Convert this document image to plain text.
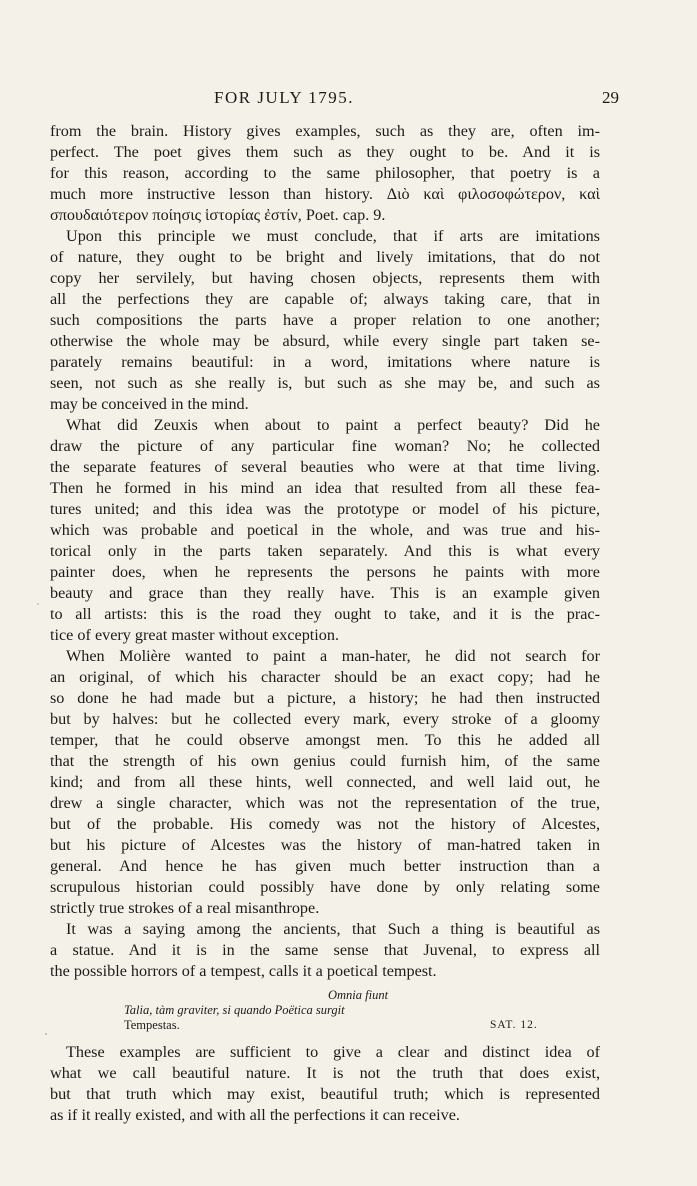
FOR JULY 1795.	29
from the brain. History gives examples, such as they are, often im-
perfect. The poet gives them such as they ought to be. And it is
for this reason, according to the same philosopher, that poetry is a
much more instructive lesson than history. Διὸ καὶ φιλοσοφώτερον, καὶ
σπουδαιότερον ποίησις ἱστορίας ἐστίν, Poet. cap. 9.
Upon this principle we must conclude, that if arts are imitations
of nature, they ought to be bright and lively imitations, that do not
copy her servilely, but having chosen objects, represents them with
all the perfections they are capable of; always taking care, that in
such compositions the parts have a proper relation to one another;
otherwise the whole may be absurd, while every single part taken se-
parately remains beautiful: in a word, imitations where nature is
seen, not such as she really is, but such as she may be, and such as
may be conceived in the mind.
What did Zeuxis when about to paint a perfect beauty? Did he
draw the picture of any particular fine woman? No; he collected
the separate features of several beauties who were at that time living.
Then he formed in his mind an idea that resulted from all these fea-
tures united; and this idea was the prototype or model of his picture,
which was probable and poetical in the whole, and was true and his-
torical only in the parts taken separately. And this is what every
painter does, when he represents the persons he paints with more
beauty and grace than they really have. This is an example given
to all artists: this is the road they ought to take, and it is the prac-
tice of every great master without exception.
When Molière wanted to paint a man-hater, he did not search for
an original, of which his character should be an exact copy; had he
so done he had made but a picture, a history; he had then instructed
but by halves: but he collected every mark, every stroke of a gloomy
temper, that he could observe amongst men. To this he added all
that the strength of his own genius could furnish him, of the same
kind; and from all these hints, well connected, and well laid out, he
drew a single character, which was not the representation of the true,
but of the probable. His comedy was not the history of Alcestes,
but his picture of Alcestes was the history of man-hatred taken in
general. And hence he has given much better instruction than a
scrupulous historian could possibly have done by only relating some
strictly true strokes of a real misanthrope.
It was a saying among the ancients, that Such a thing is beautiful as
a statue. And it is in the same sense that Juvenal, to express all
the possible horrors of a tempest, calls it a poetical tempest.
Omnia fiunt
Talia, tàm graviter, si quando Poëtica surgit
Tempestas.	SAT. 12.
These examples are sufficient to give a clear and distinct idea of
what we call beautiful nature. It is not the truth that does exist,
but that truth which may exist, beautiful truth; which is represented
as if it really existed, and with all the perfections it can receive.
